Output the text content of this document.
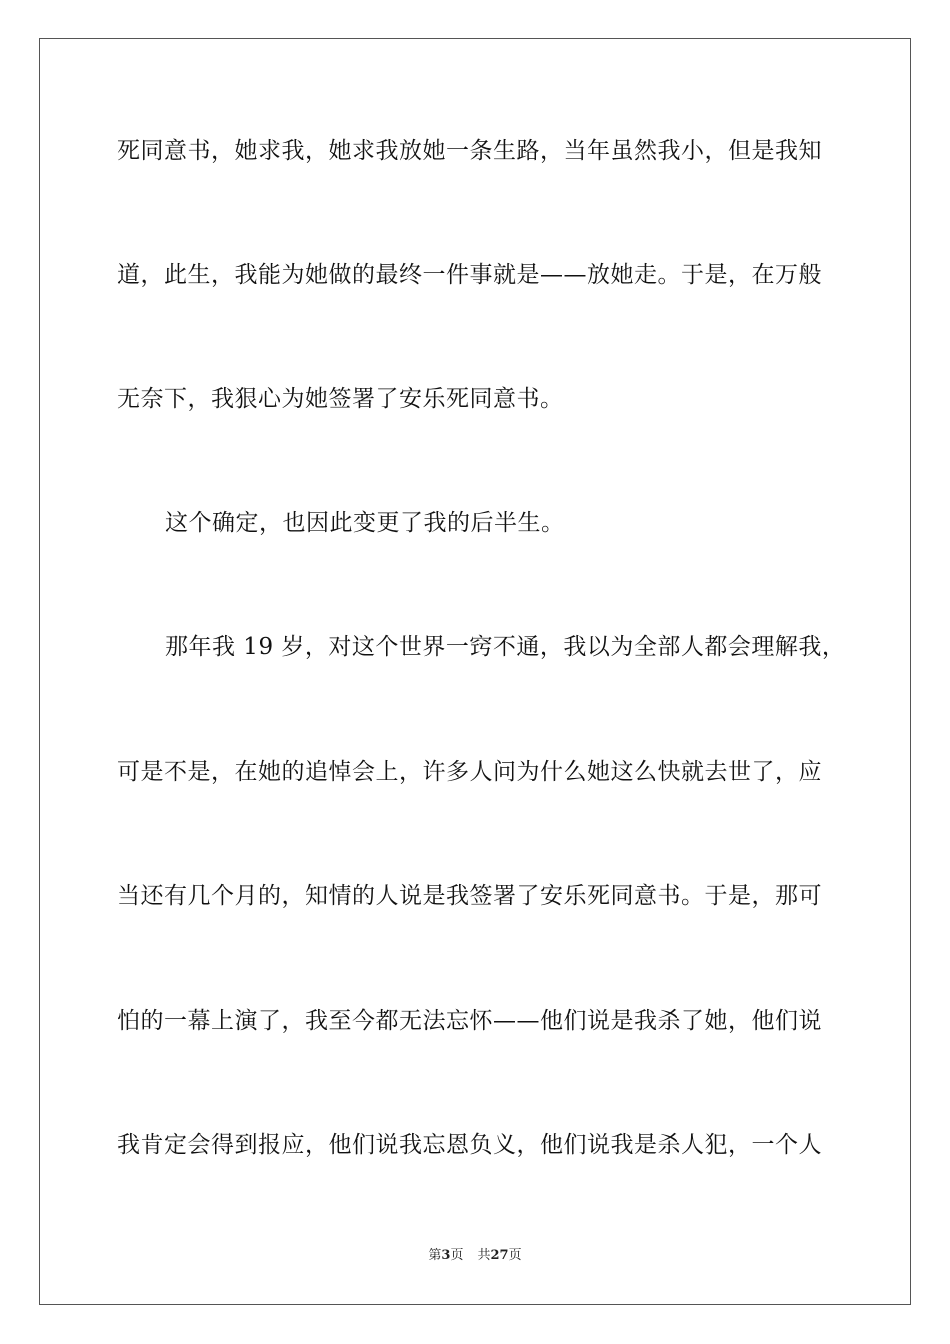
死同意书，她求我，她求我放她一条生路，当年虽然我小，但是我知
道，此生，我能为她做的最终一件事就是——放她走。于是，在万般
无奈下，我狠心为她签署了安乐死同意书。
这个确定，也因此变更了我的后半生。
那年我 19 岁，对这个世界一窍不通，我以为全部人都会理解我，
可是不是，在她的追悼会上，许多人问为什么她这么快就去世了，应
当还有几个月的，知情的人说是我签署了安乐死同意书。于是，那可
怕的一幕上演了，我至今都无法忘怀——他们说是我杀了她，他们说
我肯定会得到报应，他们说我忘恩负义，他们说我是杀人犯，一个人
第3页 共27页
